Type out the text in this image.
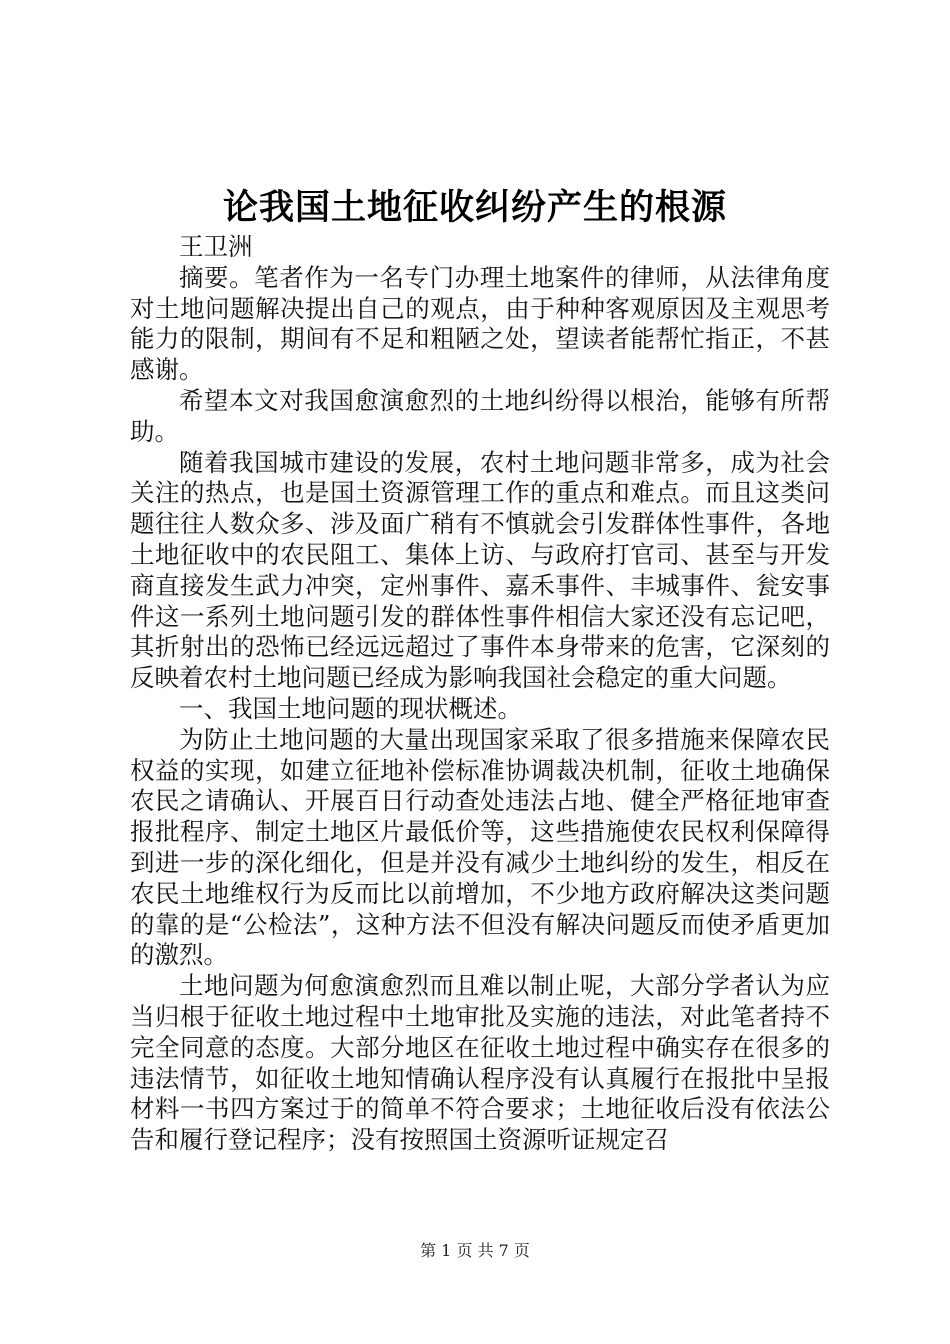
论我国土地征收纠纷产生的根源

王卫洲

摘要。笔者作为一名专门办理土地案件的律师，从法律角度对土地问题解决提出自己的观点，由于种种客观原因及主观思考能力的限制，期间有不足和粗陋之处，望读者能帮忙指正，不甚感谢。

希望本文对我国愈演愈烈的土地纠纷得以根治，能够有所帮助。

随着我国城市建设的发展，农村土地问题非常多，成为社会关注的热点，也是国土资源管理工作的重点和难点。而且这类问题往往人数众多、涉及面广稍有不慎就会引发群体性事件，各地土地征收中的农民阻工、集体上访、与政府打官司、甚至与开发商直接发生武力冲突，定州事件、嘉禾事件、丰城事件、瓮安事件这一系列土地问题引发的群体性事件相信大家还没有忘记吧，其折射出的恐怖已经远远超过了事件本身带来的危害，它深刻的反映着农村土地问题已经成为影响我国社会稳定的重大问题。

一、我国土地问题的现状概述。

为防止土地问题的大量出现国家采取了很多措施来保障农民权益的实现，如建立征地补偿标准协调裁决机制，征收土地确保农民之请确认、开展百日行动查处违法占地、健全严格征地审查报批程序、制定土地区片最低价等，这些措施使农民权利保障得到进一步的深化细化，但是并没有减少土地纠纷的发生，相反在农民土地维权行为反而比以前增加，不少地方政府解决这类问题的靠的是“公检法”，这种方法不但没有解决问题反而使矛盾更加的激烈。

土地问题为何愈演愈烈而且难以制止呢，大部分学者认为应当归根于征收土地过程中土地审批及实施的违法，对此笔者持不完全同意的态度。大部分地区在征收土地过程中确实存在很多的违法情节，如征收土地知情确认程序没有认真履行在报批中呈报材料一书四方案过于的简单不符合要求；土地征收后没有依法公告和履行登记程序；没有按照国土资源听证规定召

第 1 页 共 7 页
